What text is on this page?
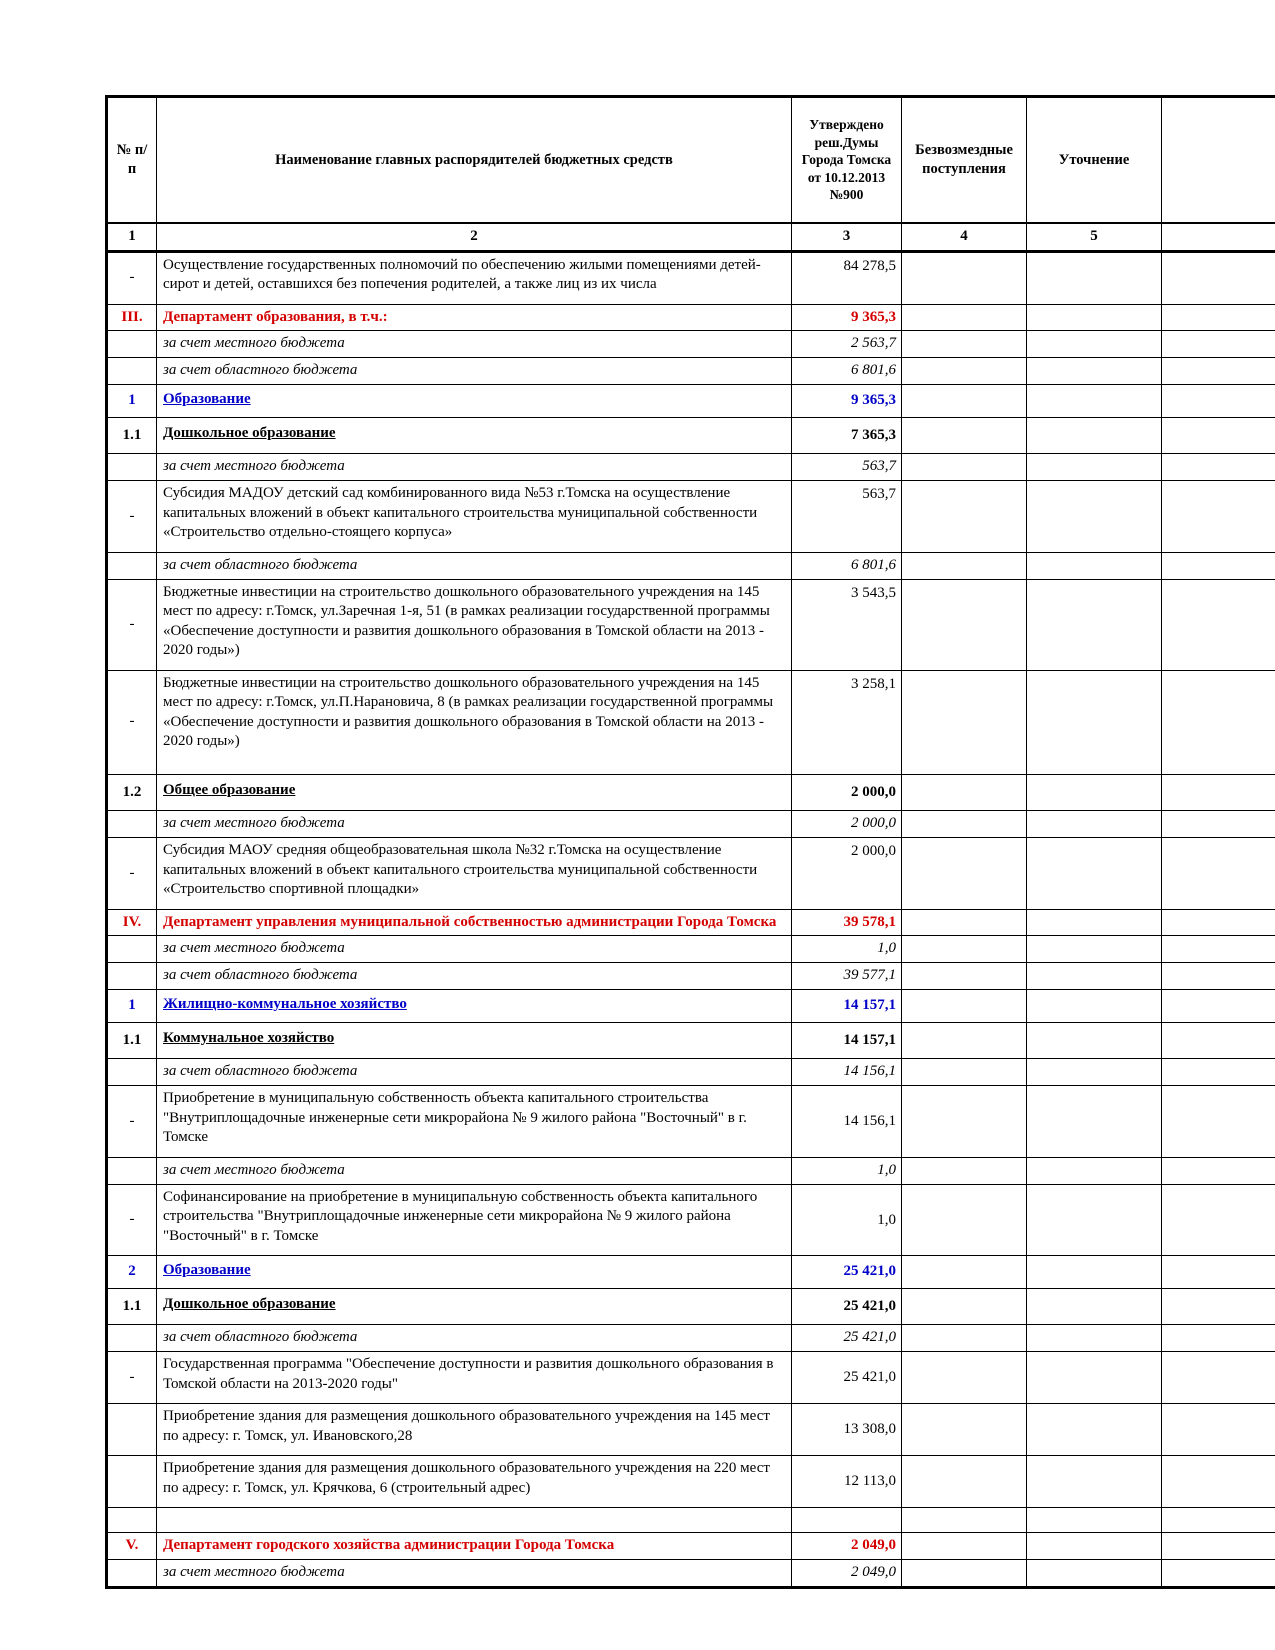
№ п/п	Наименование главных распорядителей бюджетных средств	Утверждено реш.Думы Города Томска от 10.12.2013 №900	Безвозмездные поступления	Уточнение	
1	2	3	4	5	
-	Осуществление государственных полномочий по обеспечению жилыми помещениями детей-сирот и детей, оставшихся без попечения родителей, а также лиц из их числа	84 278,5			
III.	Департамент образования, в т.ч.:	9 365,3			
	за счет местного бюджета	2 563,7			
	за счет областного бюджета	6 801,6			
1	Образование	9 365,3			
1.1	Дошкольное образование	7 365,3			
	за счет местного бюджета	563,7			
-	Субсидия МАДОУ детский сад комбинированного вида №53 г.Томска на осуществление капитальных вложений в объект капитального строительства муниципальной собственности «Строительство отдельно-стоящего корпуса»	563,7			
	за счет областного бюджета	6 801,6			
-	Бюджетные инвестиции на строительство дошкольного образовательного учреждения на 145 мест по адресу: г.Томск, ул.Заречная 1-я, 51 (в рамках реализации государственной программы «Обеспечение доступности и развития дошкольного образования в Томской области на 2013 - 2020 годы»)	3 543,5			
-	Бюджетные инвестиции на строительство дошкольного образовательного учреждения на 145 мест по адресу: г.Томск, ул.П.Нарановича, 8 (в рамках реализации государственной программы «Обеспечение доступности и развития дошкольного образования в Томской области на 2013 - 2020 годы»)	3 258,1			
1.2	Общее образование	2 000,0			
	за счет местного бюджета	2 000,0			
-	Субсидия МАОУ средняя общеобразовательная школа №32 г.Томска на осуществление капитальных вложений в объект капитального строительства муниципальной собственности «Строительство спортивной площадки»	2 000,0			
IV.	Департамент управления муниципальной собственностью администрации Города Томска	39 578,1			
	за счет местного бюджета	1,0			
	за счет областного бюджета	39 577,1			
1	Жилищно-коммунальное хозяйство	14 157,1			
1.1	Коммунальное хозяйство	14 157,1			
	за счет областного бюджета	14 156,1			
-	Приобретение в муниципальную собственность объекта капитального строительства "Внутриплощадочные инженерные сети микрорайона № 9 жилого района "Восточный" в г. Томске	14 156,1			
	за счет местного бюджета	1,0			
-	Софинансирование на приобретение в муниципальную собственность объекта капитального строительства "Внутриплощадочные инженерные сети микрорайона № 9 жилого района "Восточный" в г. Томске	1,0			
2	Образование	25 421,0			
1.1	Дошкольное образование	25 421,0			
	за счет областного бюджета	25 421,0			
-	Государственная программа "Обеспечение доступности и развития дошкольного образования в Томской области на 2013-2020 годы"	25 421,0			
	Приобретение здания для размещения дошкольного образовательного учреждения на 145 мест по адресу: г. Томск, ул. Ивановского,28	13 308,0			
	Приобретение здания для размещения дошкольного образовательного учреждения на 220 мест по адресу: г. Томск, ул. Крячкова, 6 (строительный адрес)	12 113,0			

V.	Департамент городского хозяйства администрации Города Томска	2 049,0			
	за счет местного бюджета	2 049,0			
